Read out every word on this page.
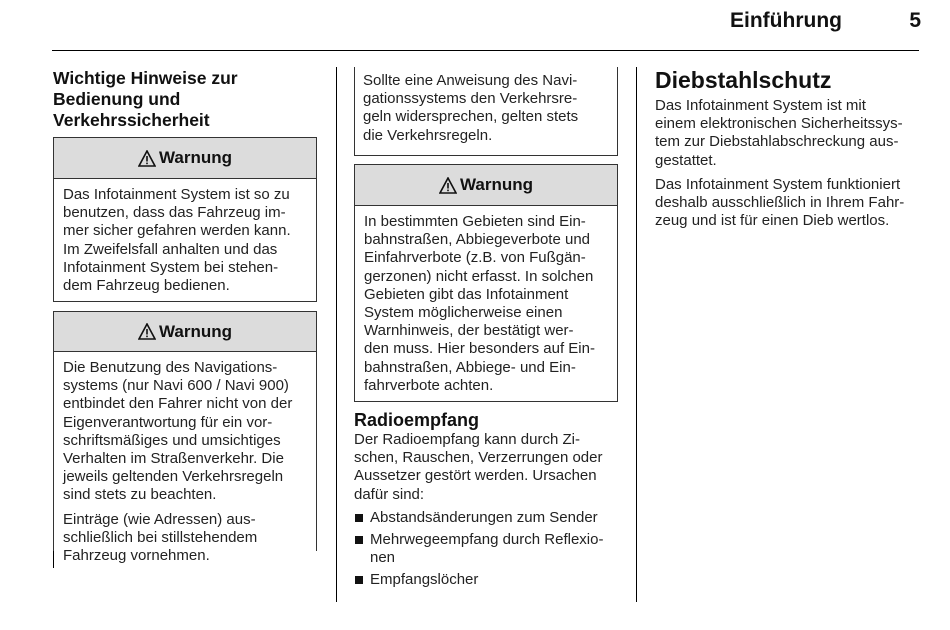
Einführung	5
Wichtige Hinweise zur
Bedienung und
Verkehrssicherheit
Warnung

Das Infotainment System ist so zu
benutzen, dass das Fahrzeug im-
mer sicher gefahren werden kann.
Im Zweifelsfall anhalten und das
Infotainment System bei stehen-
dem Fahrzeug bedienen.

Warnung

Die Benutzung des Navigations-
systems (nur Navi 600 / Navi 900)
entbindet den Fahrer nicht von der
Eigenverantwortung für ein vor-
schriftsmäßiges und umsichtiges
Verhalten im Straßenverkehr. Die
jeweils geltenden Verkehrsregeln
sind stets zu beachten.

Einträge (wie Adressen) aus-
schließlich bei stillstehendem
Fahrzeug vornehmen.

Sollte eine Anweisung des Navi-
gationssystems den Verkehrsre-
geln widersprechen, gelten stets
die Verkehrsregeln.

Warnung

In bestimmten Gebieten sind Ein-
bahnstraßen, Abbiegeverbote und
Einfahrverbote (z.B. von Fußgän-
gerzonen) nicht erfasst. In solchen
Gebieten gibt das Infotainment
System möglicherweise einen
Warnhinweis, der bestätigt wer-
den muss. Hier besonders auf Ein-
bahnstraßen, Abbiege- und Ein-
fahrverbote achten.

Radioempfang

Der Radioempfang kann durch Zi-
schen, Rauschen, Verzerrungen oder
Aussetzer gestört werden. Ursachen
dafür sind:

Abstandsänderungen zum Sender
Mehrwegeempfang durch Reflexio-
nen
Empfangslöcher
Diebstahlschutz

Das Infotainment System ist mit
einem elektronischen Sicherheitssys-
tem zur Diebstahlabschreckung aus-
gestattet.

Das Infotainment System funktioniert
deshalb ausschließlich in Ihrem Fahr-
zeug und ist für einen Dieb wertlos.
